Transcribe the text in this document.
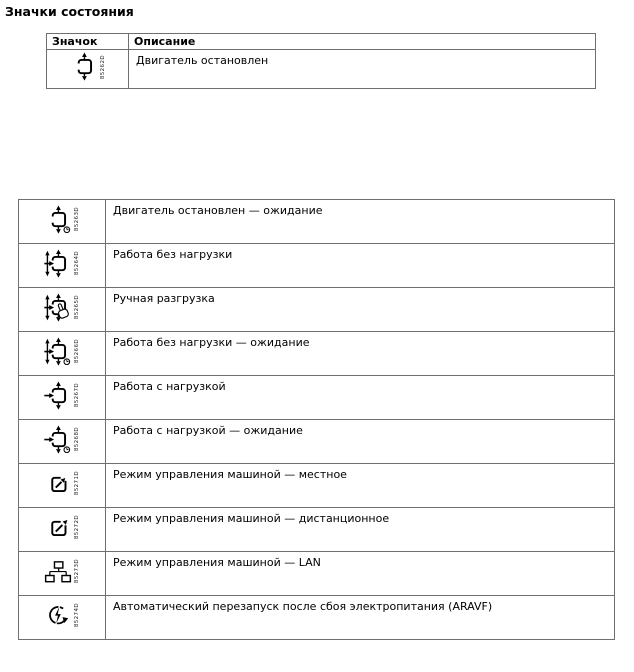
Значки состояния
Значок	Описание

85262D	Двигатель остановлен
85263D	Двигатель остановлен — ожидание

85264D	Работа без нагрузки

85265D	Ручная разгрузка

85266D	Работа без нагрузки — ожидание

85267D	Работа с нагрузкой

85268D	Работа с нагрузкой — ожидание

85271D	Режим управления машиной — местное

85272D	Режим управления машиной — дистанционное

85273D	Режим управления машиной — LAN

85274D	Автоматический перезапуск после сбоя электропитания (ARAVF)
